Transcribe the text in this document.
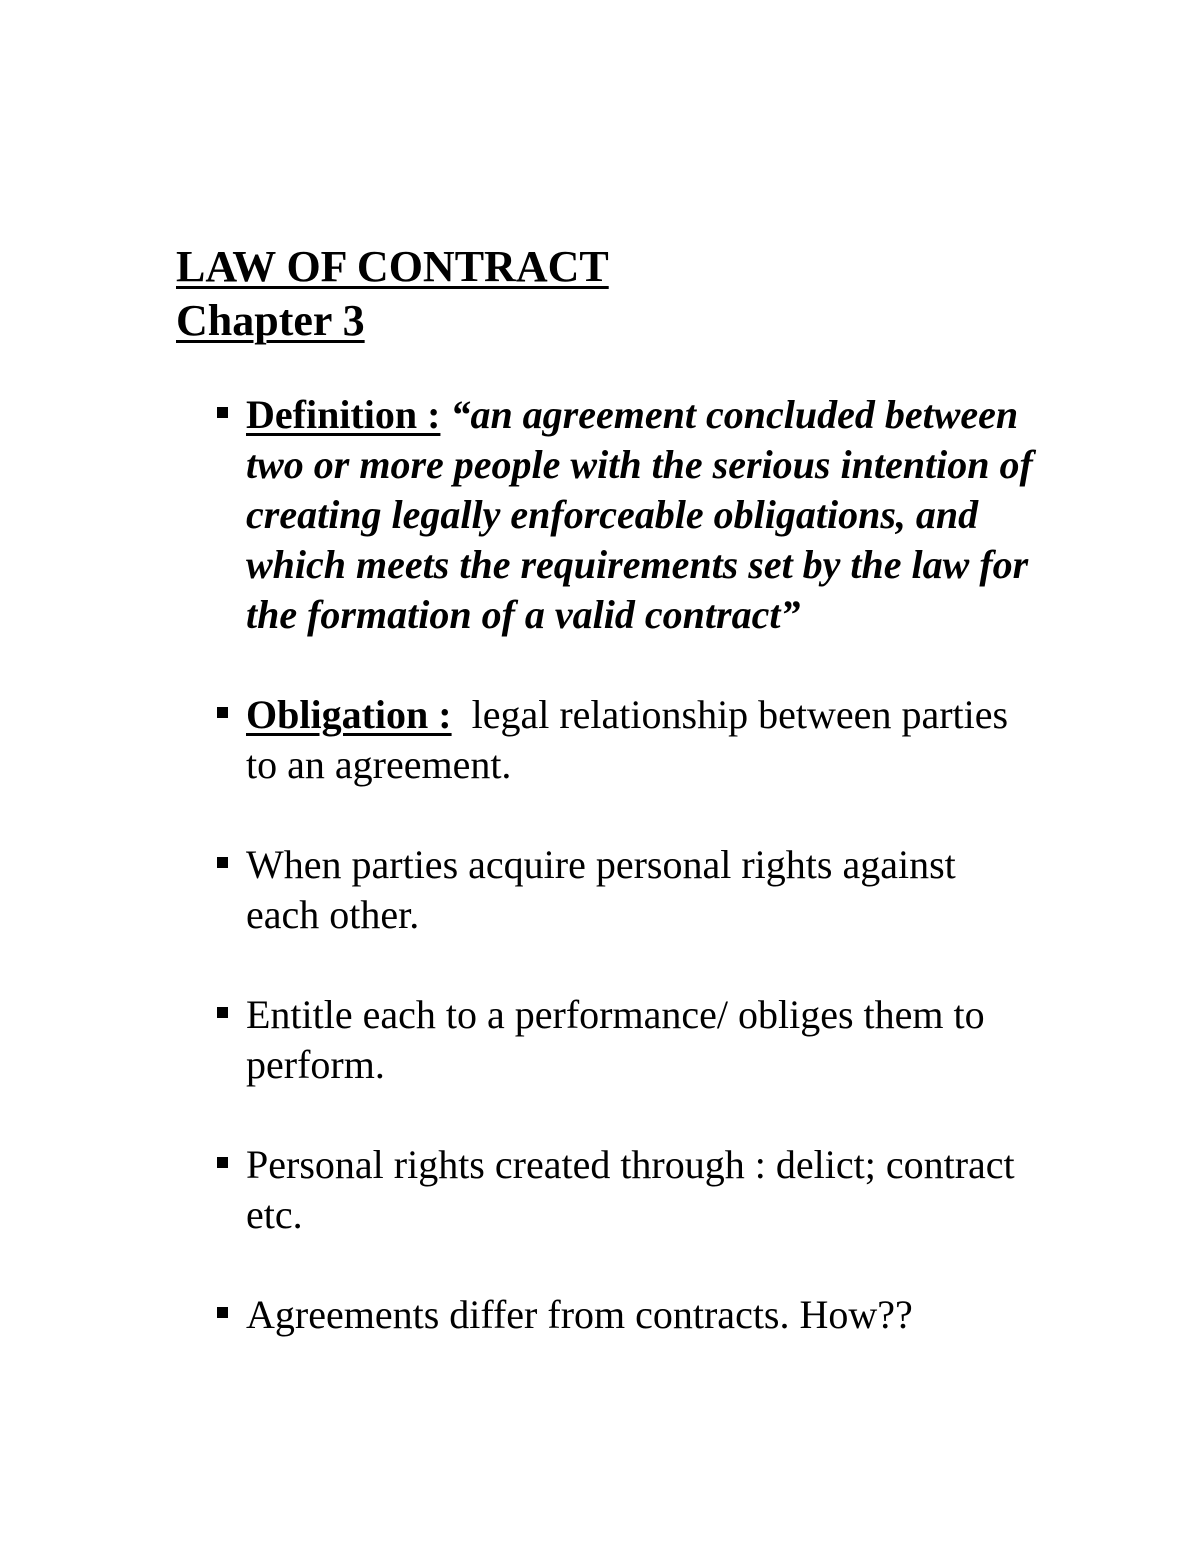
LAW OF CONTRACT
Chapter 3
Definition : “an agreement concluded between two or more people with the serious intention of creating legally enforceable obligations, and which meets the requirements set by the law for the formation of a valid contract”
Obligation : legal relationship between parties to an agreement.
When parties acquire personal rights against each other.
Entitle each to a performance/ obliges them to perform.
Personal rights created through : delict; contract etc.
Agreements differ from contracts. How??
